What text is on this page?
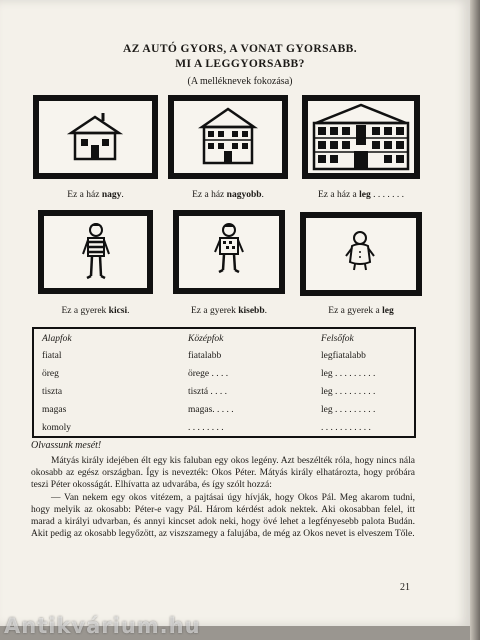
AZ AUTÓ GYORS, A VONAT GYORSABB.
MI A LEGGYORSABB?
(A melléknevek fokozása)
Ez a ház nagy.	Ez a ház nagyobb.	Ez a ház a leg . . . . . . .
Ez a gyerek kicsi.	Ez a gyerek kisebb.	Ez a gyerek a leg
Alapfok	Középfok	Felsőfok
fiatal	fiatalabb	legfiatalabb
öreg	örege . . . .	leg . . . . . . . . .
tiszta	tisztá . . . .	leg . . . . . . . . .
magas	magas. . . . .	leg . . . . . . . . .
komoly	. . . . . . . .	. . . . . . . . . . .
Olvassunk mesét!

Mátyás király idejében élt egy kis faluban egy okos legény. Azt beszélték róla, hogy nincs nála okosabb az egész országban. Így is nevezték: Okos Péter. Mátyás király elhatározta, hogy próbára teszi Péter okosságát. Elhívatta az udvarába, és így szólt hozzá:

— Van nekem egy okos vitézem, a pajtásai úgy hívják, hogy Okos Pál. Meg akarom tudni, hogy melyik az okosabb: Péter-e vagy Pál. Három kérdést adok nektek. Aki okosabban felel, itt marad a királyi udvarban, és annyi kincset adok neki, hogy övé lehet a legfényesebb palota Budán. Akit pedig az okosabb legyőzött, az viszszamegy a falujába, de még az Okos nevet is elveszem Tőle.

21
Antikvárium.hu
